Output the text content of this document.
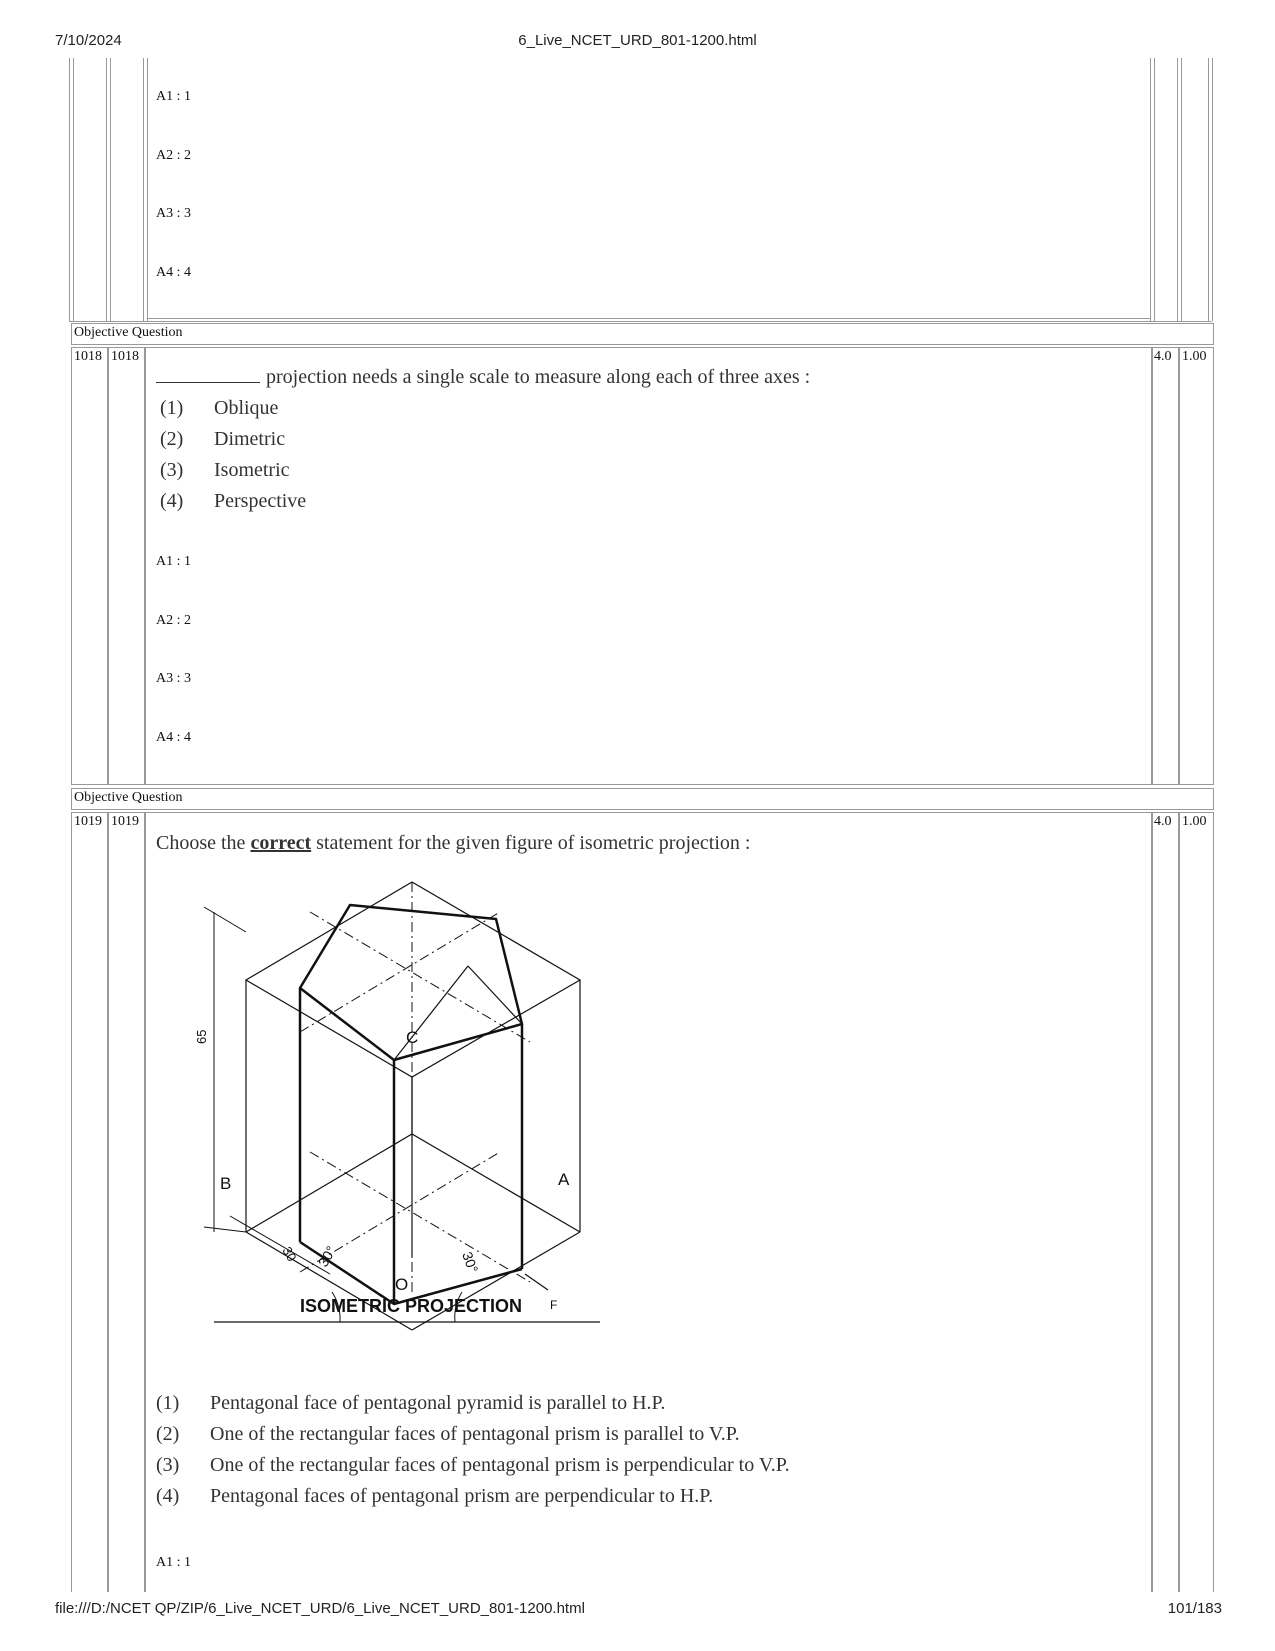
7/10/2024	6_Live_NCET_URD_801-1200.html
file:///D:/NCET QP/ZIP/6_Live_NCET_URD/6_Live_NCET_URD_801-1200.html	101/183
A1 : 1
A2 : 2
A3 : 3
A4 : 4
Objective Question
1018 1018	4.0 1.00
projection needs a single scale to measure along each of three axes :
(1) Oblique
(2) Dimetric
(3) Isometric
(4) Perspective
A1 : 1
A2 : 2
A3 : 3
A4 : 4
Objective Question
1019 1019	4.0 1.00
Choose the correct statement for the given figure of isometric projection :
C
B	A
O
F
65
30 30°	30°
ISOMETRIC PROJECTION
(1) Pentagonal face of pentagonal pyramid is parallel to H.P.
(2) One of the rectangular faces of pentagonal prism is parallel to V.P.
(3) One of the rectangular faces of pentagonal prism is perpendicular to V.P.
(4) Pentagonal faces of pentagonal prism are perpendicular to H.P.
A1 : 1
